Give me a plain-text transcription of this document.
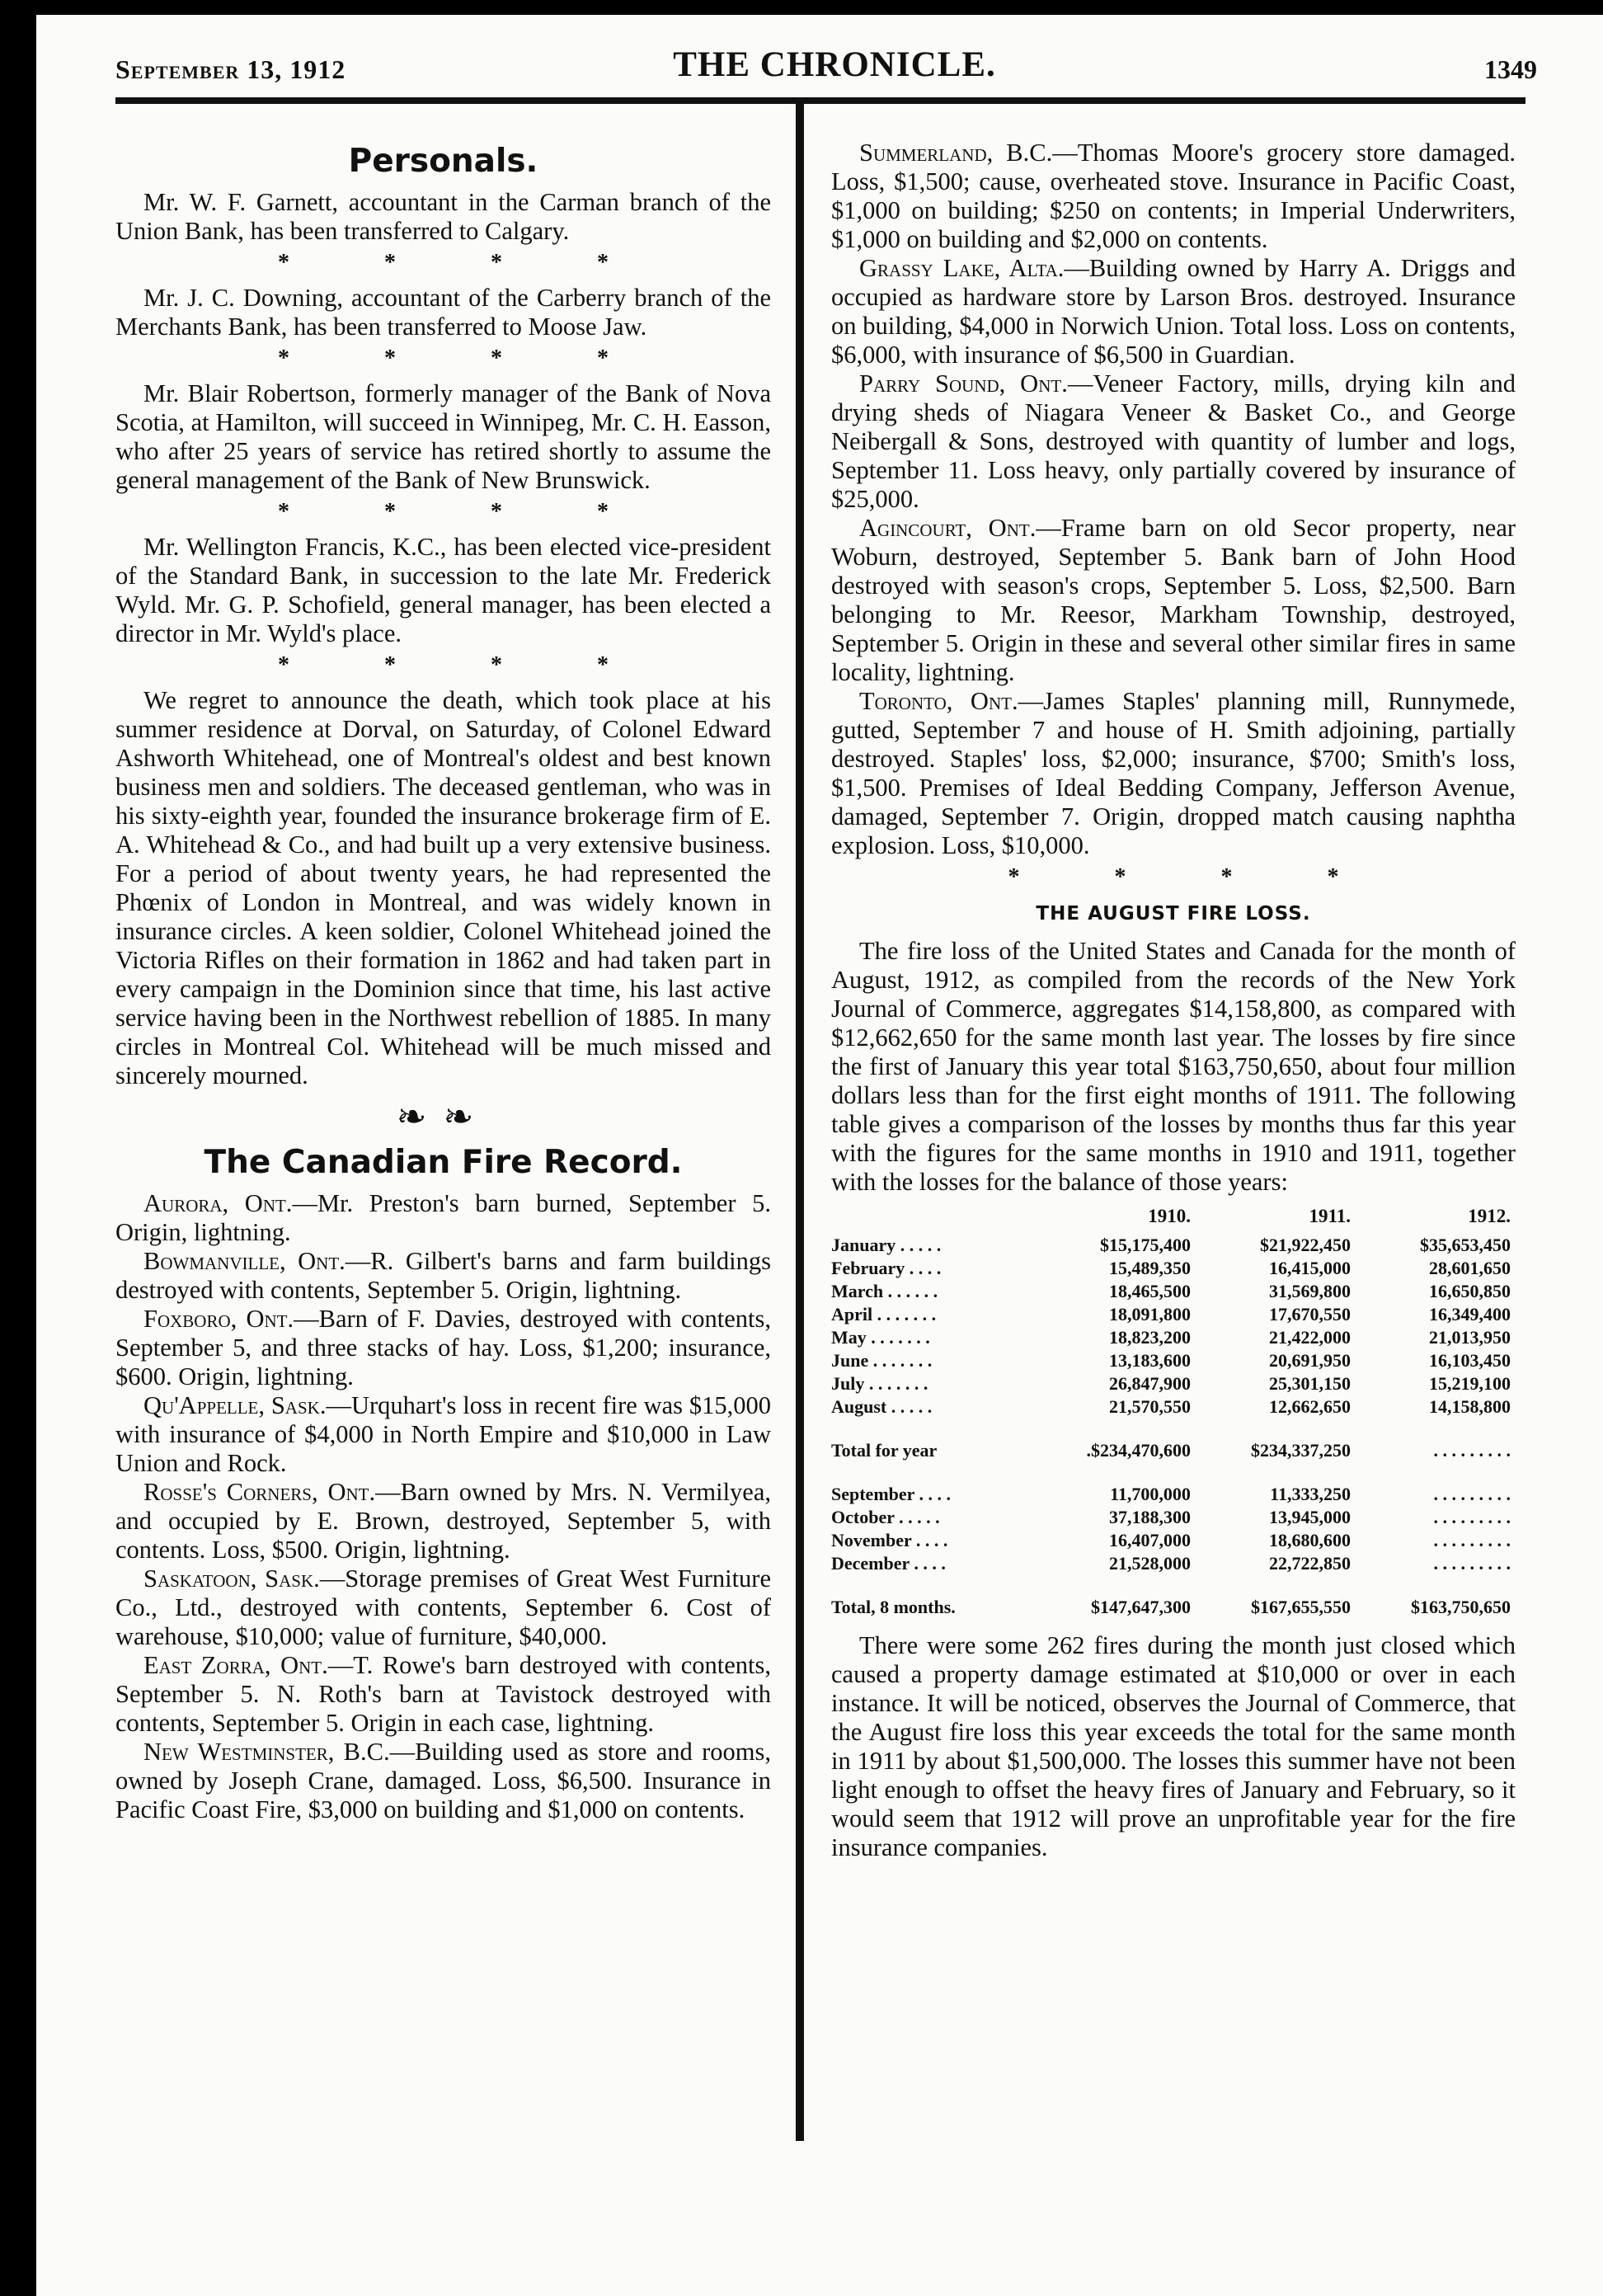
September 13, 1912	THE CHRONICLE.	1349
Personals.

Mr. W. F. Garnett, accountant in the Carman branch of the Union Bank, has been transferred to Calgary.

* * * *

Mr. J. C. Downing, accountant of the Carberry branch of the Merchants Bank, has been transferred to Moose Jaw.

* * * *

Mr. Blair Robertson, formerly manager of the Bank of Nova Scotia, at Hamilton, will succeed in Winnipeg, Mr. C. H. Easson, who after 25 years of service has retired shortly to assume the general management of the Bank of New Brunswick.

* * * *

Mr. Wellington Francis, K.C., has been elected vice-president of the Standard Bank, in succession to the late Mr. Frederick Wyld. Mr. G. P. Schofield, general manager, has been elected a director in Mr. Wyld's place.

* * * *

We regret to announce the death, which took place at his summer residence at Dorval, on Saturday, of Colonel Edward Ashworth Whitehead, one of Montreal's oldest and best known business men and soldiers. The deceased gentleman, who was in his sixty-eighth year, founded the insurance brokerage firm of E. A. Whitehead & Co., and had built up a very extensive business. For a period of about twenty years, he had represented the Phœnix of London in Montreal, and was widely known in insurance circles. A keen soldier, Colonel Whitehead joined the Victoria Rifles on their formation in 1862 and had taken part in every campaign in the Dominion since that time, his last active service having been in the Northwest rebellion of 1885. In many circles in Montreal Col. Whitehead will be much missed and sincerely mourned.

❧❧
The Canadian Fire Record.

Aurora, Ont.—Mr. Preston's barn burned, September 5. Origin, lightning.

Bowmanville, Ont.—R. Gilbert's barns and farm buildings destroyed with contents, September 5. Origin, lightning.

Foxboro, Ont.—Barn of F. Davies, destroyed with contents, September 5, and three stacks of hay. Loss, $1,200; insurance, $600. Origin, lightning.

Qu'Appelle, Sask.—Urquhart's loss in recent fire was $15,000 with insurance of $4,000 in North Empire and $10,000 in Law Union and Rock.

Rosse's Corners, Ont.—Barn owned by Mrs. N. Vermilyea, and occupied by E. Brown, destroyed, September 5, with contents. Loss, $500. Origin, lightning.

Saskatoon, Sask.—Storage premises of Great West Furniture Co., Ltd., destroyed with contents, September 6. Cost of warehouse, $10,000; value of furniture, $40,000.

East Zorra, Ont.—T. Rowe's barn destroyed with contents, September 5. N. Roth's barn at Tavistock destroyed with contents, September 5. Origin in each case, lightning.

New Westminster, B.C.—Building used as store and rooms, owned by Joseph Crane, damaged. Loss, $6,500. Insurance in Pacific Coast Fire, $3,000 on building and $1,000 on contents.

Summerland, B.C.—Thomas Moore's grocery store damaged. Loss, $1,500; cause, overheated stove. Insurance in Pacific Coast, $1,000 on building; $250 on contents; in Imperial Underwriters, $1,000 on building and $2,000 on contents.

Grassy Lake, Alta.—Building owned by Harry A. Driggs and occupied as hardware store by Larson Bros. destroyed. Insurance on building, $4,000 in Norwich Union. Total loss. Loss on contents, $6,000, with insurance of $6,500 in Guardian.

Parry Sound, Ont.—Veneer Factory, mills, drying kiln and drying sheds of Niagara Veneer & Basket Co., and George Neibergall & Sons, destroyed with quantity of lumber and logs, September 11. Loss heavy, only partially covered by insurance of $25,000.

Agincourt, Ont.—Frame barn on old Secor property, near Woburn, destroyed, September 5. Bank barn of John Hood destroyed with season's crops, September 5. Loss, $2,500. Barn belonging to Mr. Reesor, Markham Township, destroyed, September 5. Origin in these and several other similar fires in same locality, lightning.

Toronto, Ont.—James Staples' planning mill, Runnymede, gutted, September 7 and house of H. Smith adjoining, partially destroyed. Staples' loss, $2,000; insurance, $700; Smith's loss, $1,500. Premises of Ideal Bedding Company, Jefferson Avenue, damaged, September 7. Origin, dropped match causing naphtha explosion. Loss, $10,000.

* * * *
THE AUGUST FIRE LOSS.

The fire loss of the United States and Canada for the month of August, 1912, as compiled from the records of the New York Journal of Commerce, aggregates $14,158,800, as compared with $12,662,650 for the same month last year. The losses by fire since the first of January this year total $163,750,650, about four million dollars less than for the first eight months of 1911. The following table gives a comparison of the losses by months thus far this year with the figures for the same months in 1910 and 1911, together with the losses for the balance of those years:

	1910.	1911.	1912.
January . . . . .	$15,175,400	$21,922,450	$35,653,450
February . . . .	15,489,350	16,415,000	28,601,650
March . . . . . .	18,465,500	31,569,800	16,650,850
April . . . . . . .	18,091,800	17,670,550	16,349,400
May . . . . . . .	18,823,200	21,422,000	21,013,950
June . . . . . . .	13,183,600	20,691,950	16,103,450
July . . . . . . .	26,847,900	25,301,150	15,219,100
August . . . . .	21,570,550	12,662,650	14,158,800

Total for year	.$234,470,600	$234,337,250	. . . . . . . . .

September . . . .	11,700,000	11,333,250	. . . . . . . . .
October . . . . .	37,188,300	13,945,000	. . . . . . . . .
November . . . .	16,407,000	18,680,600	. . . . . . . . .
December . . . .	21,528,000	22,722,850	. . . . . . . . .

Total, 8 months.	$147,647,300	$167,655,550	$163,750,650

There were some 262 fires during the month just closed which caused a property damage estimated at $10,000 or over in each instance. It will be noticed, observes the Journal of Commerce, that the August fire loss this year exceeds the total for the same month in 1911 by about $1,500,000. The losses this summer have not been light enough to offset the heavy fires of January and February, so it would seem that 1912 will prove an unprofitable year for the fire insurance companies.
